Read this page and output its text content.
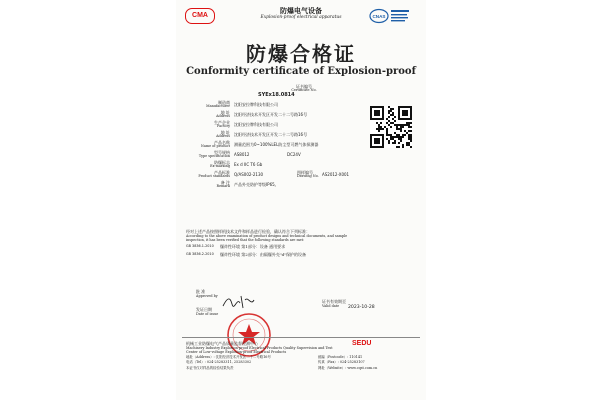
CMA	CNAS
防爆电气设备
Explosion-proof electrical apparatus
防爆合格证
Conformity certificate of Explosion-proof
证书编号
Certificate No.
SYEx18.0814
制造商
Manufacturer 沈阳安拉牌科技有限公司
地 址
Address 沈阳经济技术开发区开发二十二号路16号
生产企业
Factory 沈阳安拉牌科技有限公司
地 址
Address 沈阳经济技术开发区开发二十二号路16号
产品名称
Name of product 测量范围为0~100%LEL防尘型可燃气体探测器
型号规格
Type specification AS8012	DC24V
防爆标志
Ex-marking Ex d IIC T6 Gb
产品标准
Product standards Q/AS002-2130	图样编号
Drawing No. AS2012-X001
备 注
Remark 产品外壳防护等级IP65。
经对上述产品按照样机技术文件和样品进行检验，确认符合下列标准：
According to the above examination of product designs and technical documents, and sample
inspection, it has been verified that the following standards are met:
GB 3836.1-2010 爆炸性环境 第1部分：设备 通用要求
GB 3836.2-2010 爆炸性环境 第2部分：由隔爆外壳"d"保护的设备
批 准
Approved by
发证日期
Date of issue
证书有效期至
Valid date 2023-10-28
SEDU
机械工业防爆电气产品质量监督检测中心
Machinery Industry Explosion-proof Electrical Products Quality Supervision and Test
Center of Low-voltage Explosion-proof Electrical Products
地址（Address）: 沈阳经济技术开发区二十二号路16号	邮编（Postcode）: 110141
电话（Tel）: 024-25283311, 25283302	传真（Fax）: 024-25283107
本证书仅对样品的检验结果负责	网址（Website）: www.cqst.com.cn
